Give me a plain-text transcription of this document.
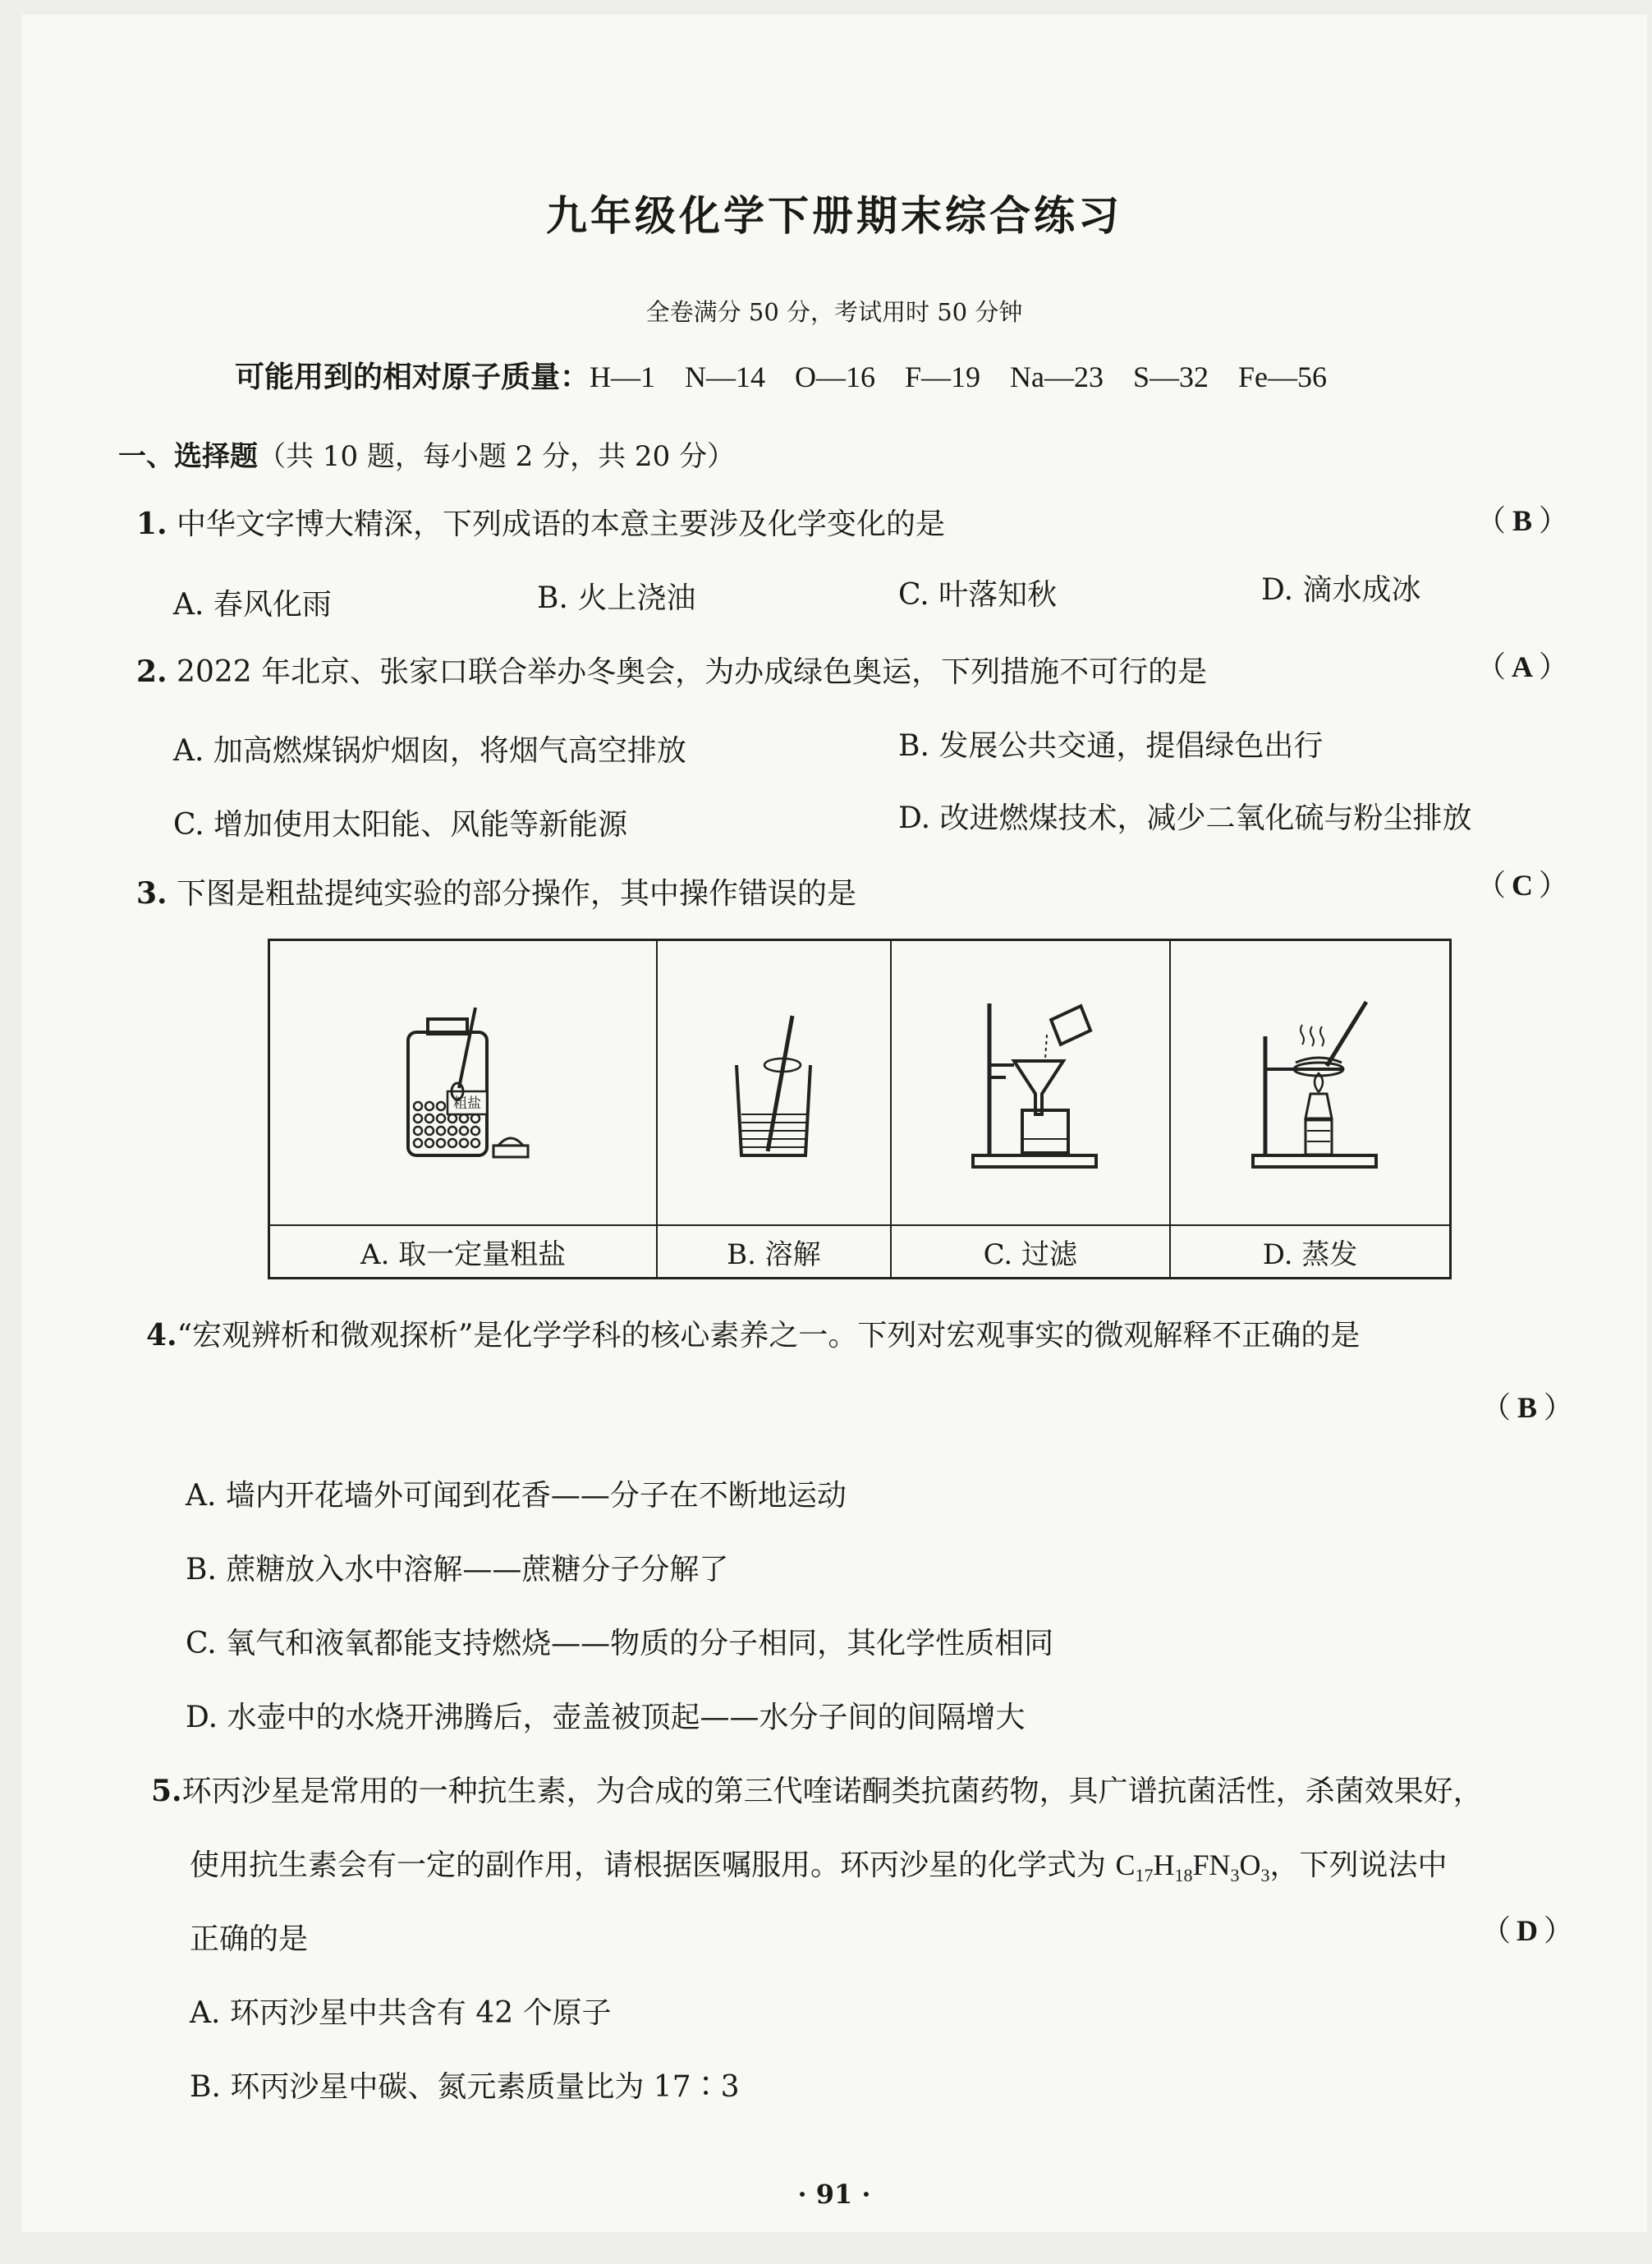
九年级化学下册期末综合练习
全卷满分 50 分，考试用时 50 分钟
可能用到的相对原子质量：H—1　N—14　O—16　F—19　Na—23　S—32　Fe—56
一、选择题（共 10 题，每小题 2 分，共 20 分）
1. 中华文字博大精深，下列成语的本意主要涉及化学变化的是	（ B ）
A. 春风化雨	B. 火上浇油	C. 叶落知秋	D. 滴水成冰
2. 2022 年北京、张家口联合举办冬奥会，为办成绿色奥运，下列措施不可行的是	（ A ）
A. 加高燃煤锅炉烟囱，将烟气高空排放	B. 发展公共交通，提倡绿色出行
C. 增加使用太阳能、风能等新能源	D. 改进燃煤技术，减少二氧化硫与粉尘排放
3. 下图是粗盐提纯实验的部分操作，其中操作错误的是	（ C ）
粗盐

A. 取一定量粗盐	B. 溶解	C. 过滤	D. 蒸发
4.“宏观辨析和微观探析”是化学学科的核心素养之一。下列对宏观事实的微观解释不正确的是
（ B ）
A. 墙内开花墙外可闻到花香——分子在不断地运动
B. 蔗糖放入水中溶解——蔗糖分子分解了
C. 氧气和液氧都能支持燃烧——物质的分子相同，其化学性质相同
D. 水壶中的水烧开沸腾后，壶盖被顶起——水分子间的间隔增大
5.环丙沙星是常用的一种抗生素，为合成的第三代喹诺酮类抗菌药物，具广谱抗菌活性，杀菌效果好，
使用抗生素会有一定的副作用，请根据医嘱服用。环丙沙星的化学式为 $C_{17}H_{18}FN_3O_3$，下列说法中
正确的是	（ D ）
A. 环丙沙星中共含有 42 个原子
B. 环丙沙星中碳、氮元素质量比为 17∶3
· 91 ·
